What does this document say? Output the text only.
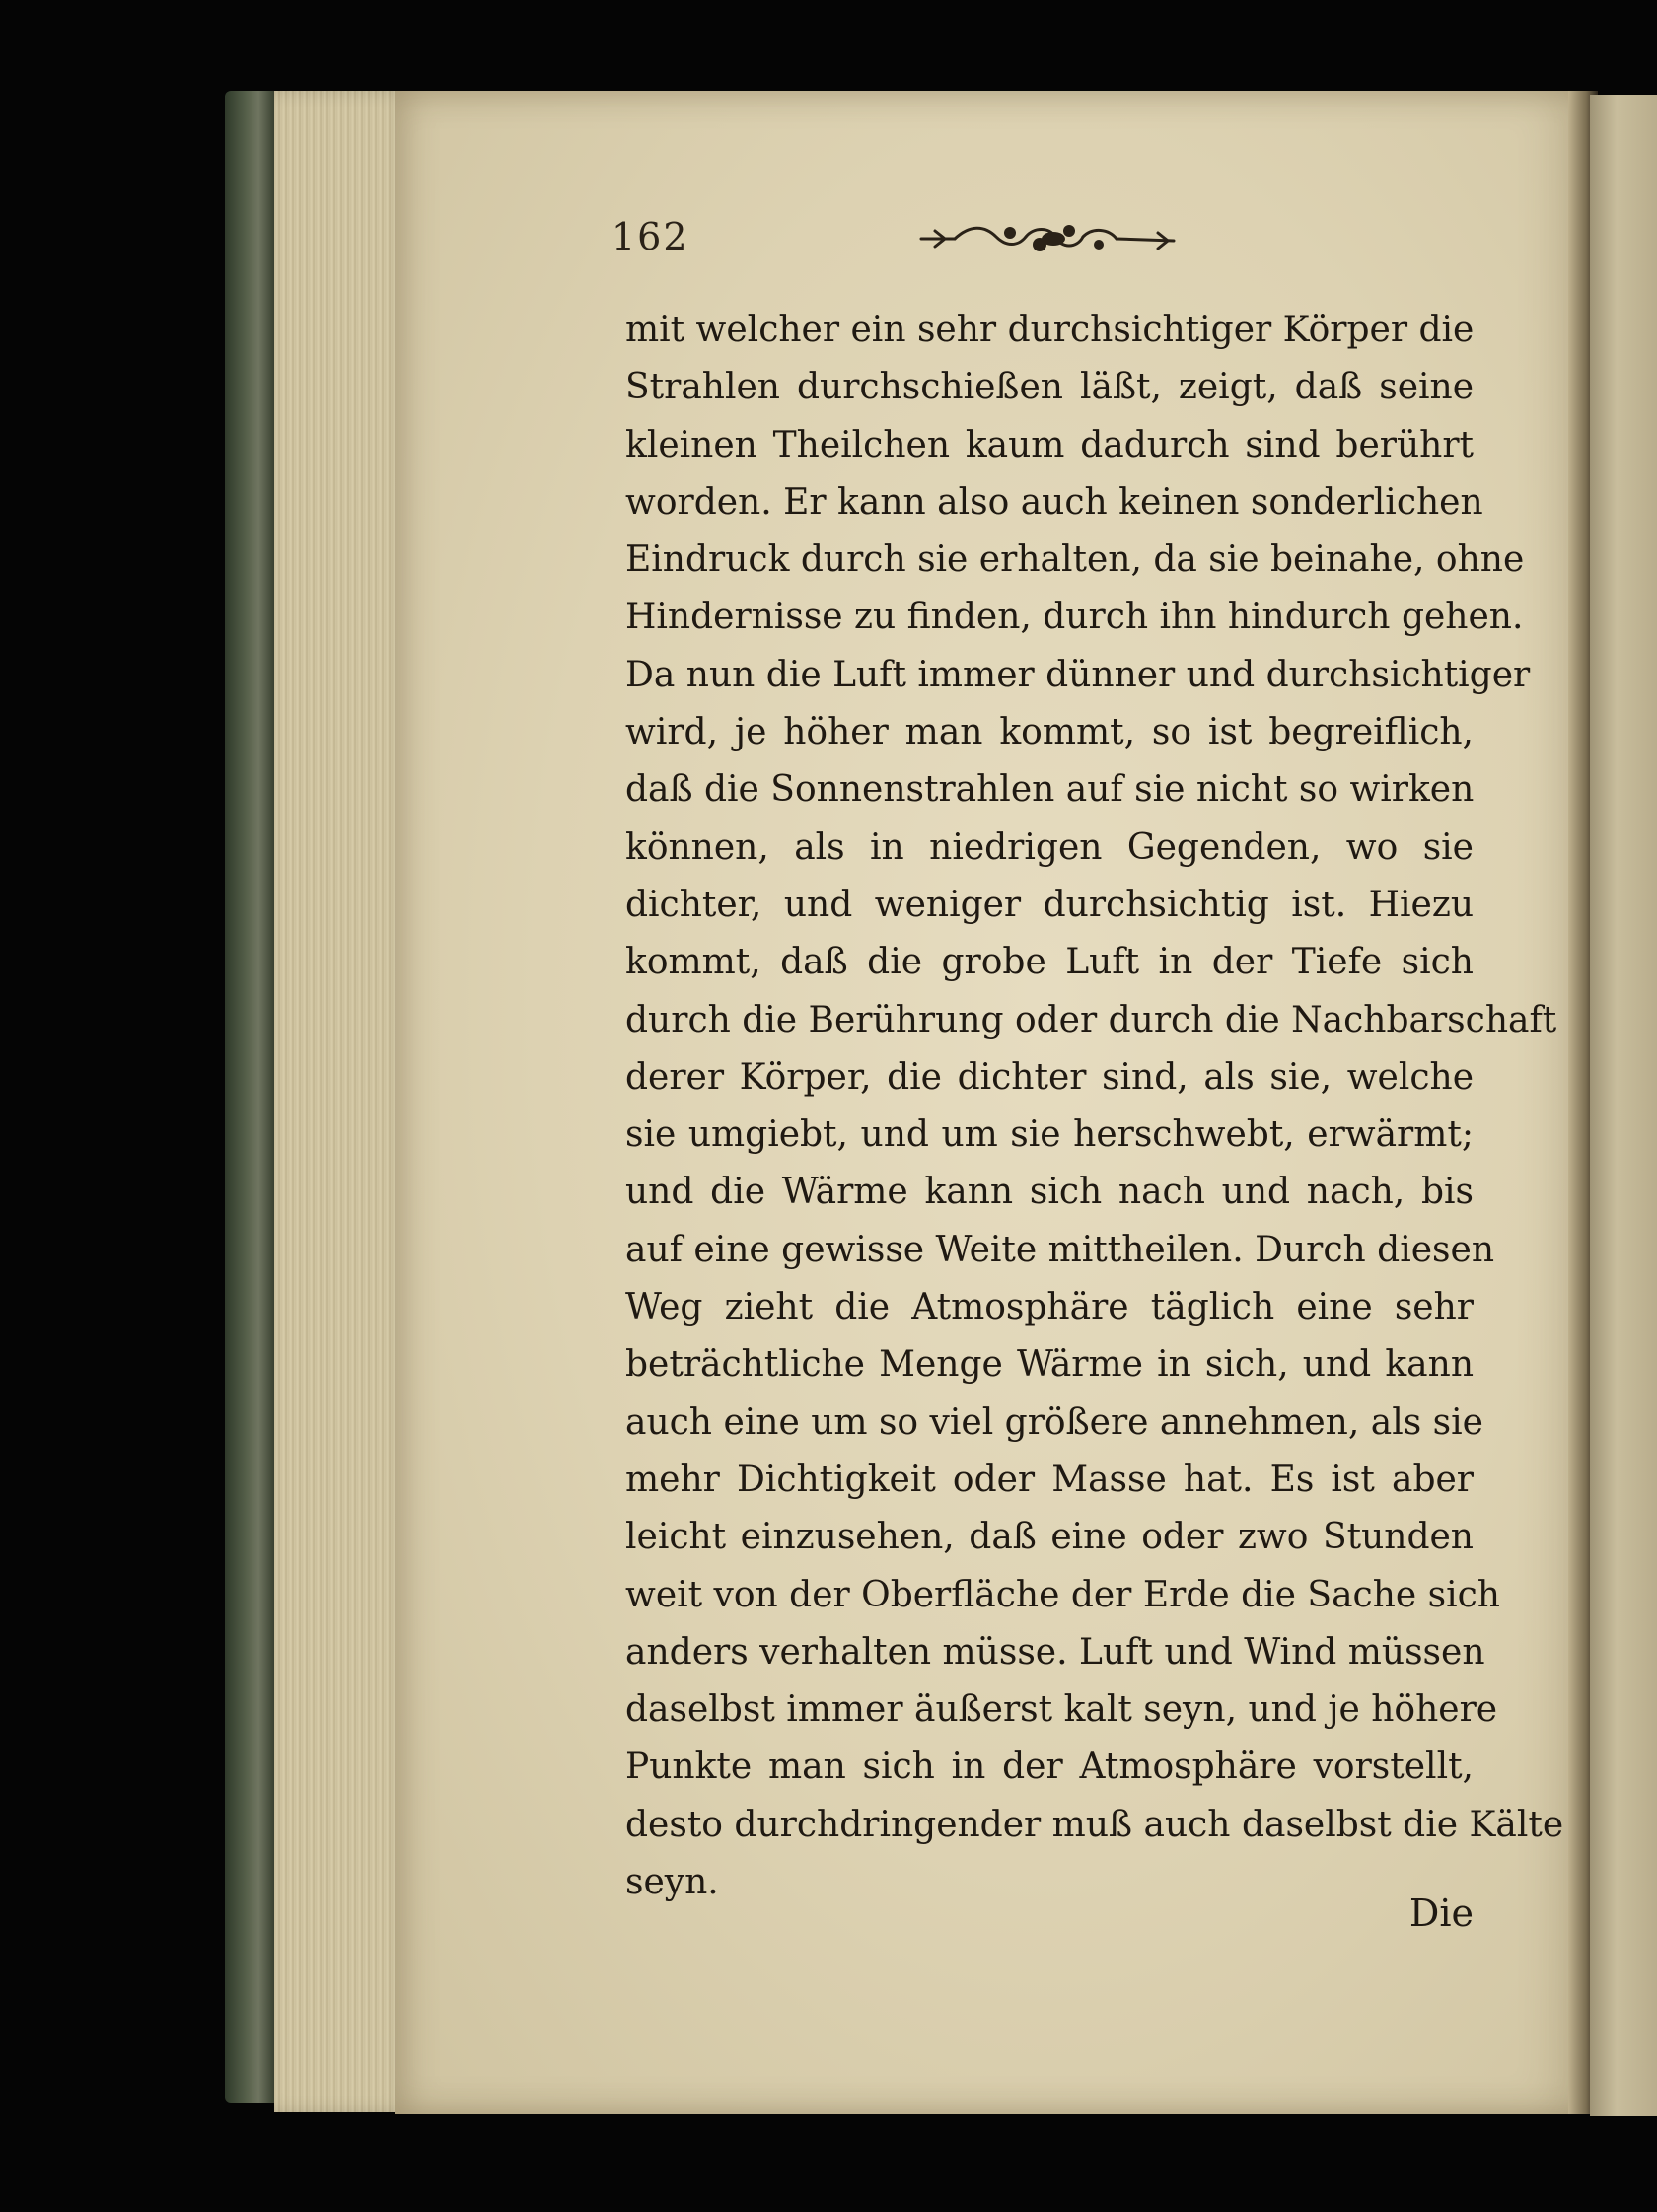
162
mit welcher ein sehr durchsichtiger Körper die
Strahlen durchschießen läßt, zeigt, daß seine
kleinen Theilchen kaum dadurch sind berührt
worden. Er kann also auch keinen sonderlichen
Eindruck durch sie erhalten, da sie beinahe, ohne
Hindernisse zu finden, durch ihn hindurch gehen.
Da nun die Luft immer dünner und durchsichtiger
wird, je höher man kommt, so ist begreiflich,
daß die Sonnenstrahlen auf sie nicht so wirken
können, als in niedrigen Gegenden, wo sie
dichter, und weniger durchsichtig ist. Hiezu
kommt, daß die grobe Luft in der Tiefe sich
durch die Berührung oder durch die Nachbarschaft
derer Körper, die dichter sind, als sie, welche
sie umgiebt, und um sie herschwebt, erwärmt;
und die Wärme kann sich nach und nach, bis
auf eine gewisse Weite mittheilen. Durch diesen
Weg zieht die Atmosphäre täglich eine sehr
beträchtliche Menge Wärme in sich, und kann
auch eine um so viel größere annehmen, als sie
mehr Dichtigkeit oder Masse hat. Es ist aber
leicht einzusehen, daß eine oder zwo Stunden
weit von der Oberfläche der Erde die Sache sich
anders verhalten müsse. Luft und Wind müssen
daselbst immer äußerst kalt seyn, und je höhere
Punkte man sich in der Atmosphäre vorstellt,
desto durchdringender muß auch daselbst die Kälte
seyn.
Die
